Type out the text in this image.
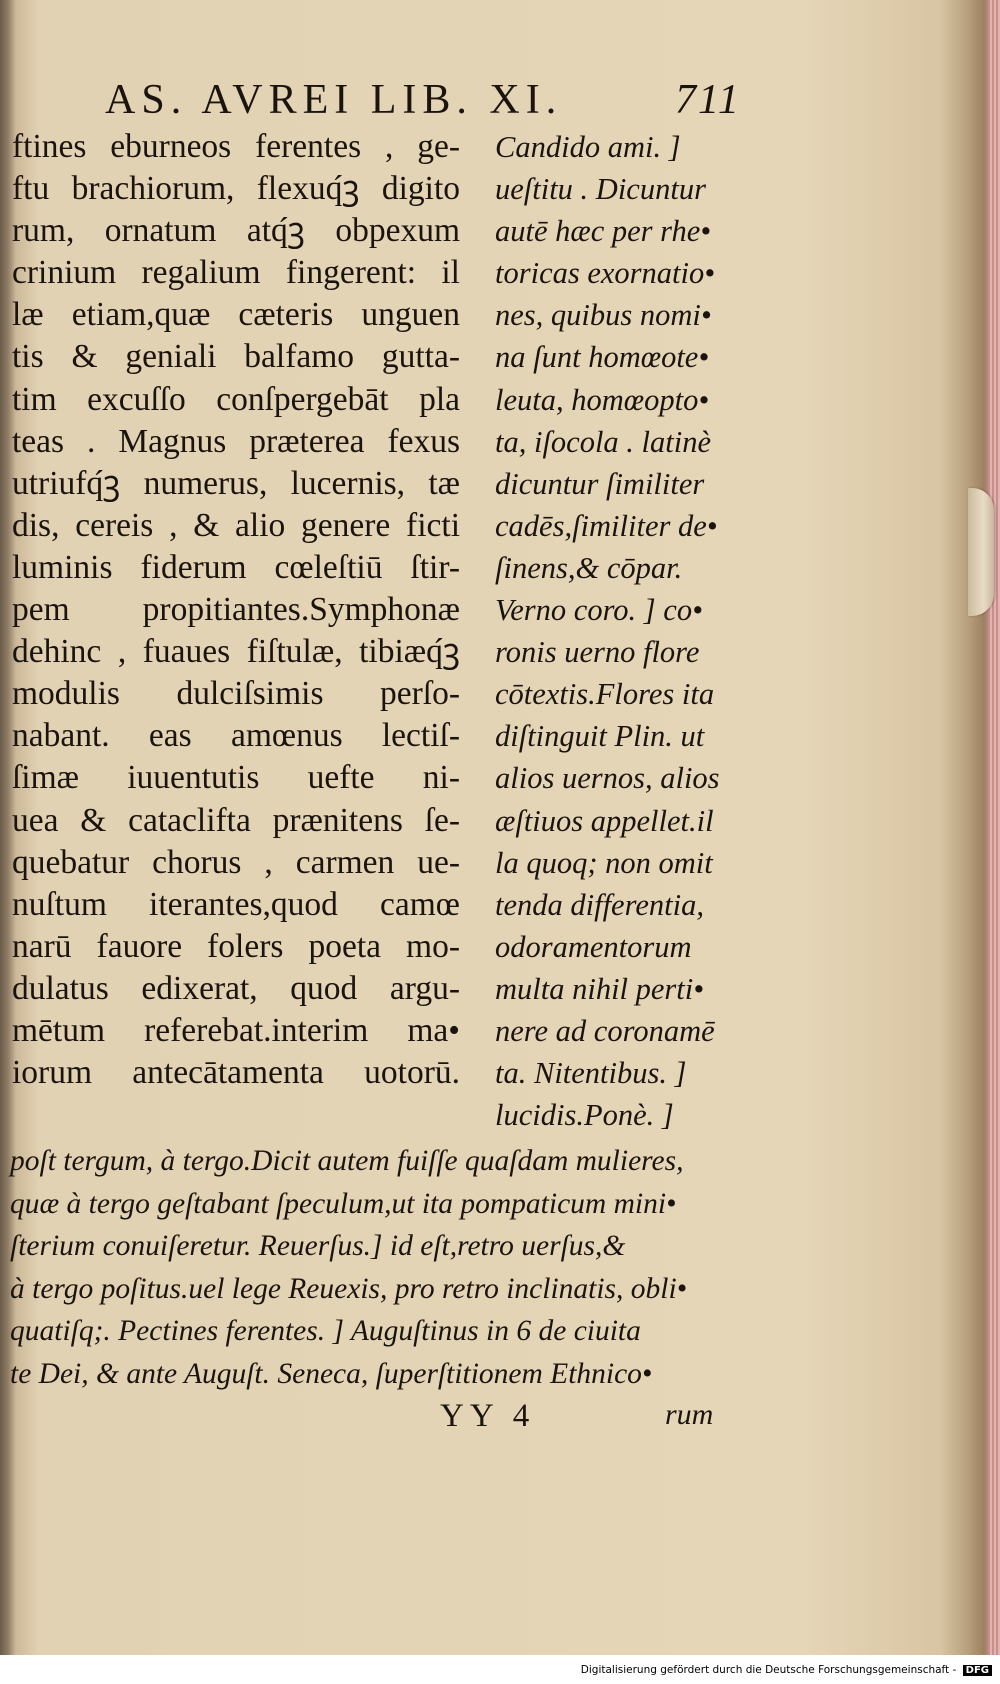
AS. AVREI LIB. XI.	711
ftines eburneos ferentes , ge-
ftu brachiorum, flexuq́ꝫ digito
rum, ornatum atq́ꝫ obpexum
crinium regalium fingerent: il
læ etiam,quæ cæteris unguen
tis & geniali balfamo gutta-
tim excuſſo conſpergebāt pla
teas . Magnus præterea fexus
utriufq́ꝫ numerus, lucernis, tæ
dis, cereis , & alio genere ficti
luminis fiderum cœleſtiū ſtir-
pem propitiantes.Symphonæ
dehinc , fuaues fiſtulæ, tibiæq́ꝫ
modulis dulciſsimis perſo-
nabant. eas amœnus lectiſ-
ſimæ iuuentutis uefte ni-
uea & cataclifta prænitens ſe-
quebatur chorus , carmen ue-
nuſtum iterantes,quod camœ
narū fauore folers poeta mo-
dulatus edixerat, quod argu-
mētum referebat.interim ma•
iorum antecātamenta uotorū.
Candido ami. ]
ueſtitu . Dicuntur
autē hæc per rhe•
toricas exornatio•
nes, quibus nomi•
na ſunt homœote•
leuta, homœopto•
ta, iſocola . latinè
dicuntur ſimiliter
cadēs,ſimiliter de•
ſinens,& cōpar.
Verno coro. ] co•
ronis uerno flore
cōtextis.Flores ita
diſtinguit Plin. ut
alios uernos, alios
æſtiuos appellet.il
la quoq; non omit
tenda differentia,
odoramentorum
multa nihil perti•
nere ad coronamē
ta. Nitentibus. ]
lucidis.Ponè. ]
poſt tergum, à tergo.Dicit autem fuiſſe quaſdam mulieres,
quæ à tergo geſtabant ſpeculum,ut ita pompaticum mini•
ſterium conuiſeretur. Reuerſus.] id eſt,retro uerſus,&
à tergo poſitus.uel lege Reuexis, pro retro inclinatis, obli•
quatiſq;. Pectines ferentes. ] Auguſtinus in 6 de ciuita
te Dei, & ante Auguſt. Seneca, ſuperſtitionem Ethnico•
YY 4	rum
Digitalisierung gefördert durch die Deutsche Forschungsgemeinschaft - DFG
